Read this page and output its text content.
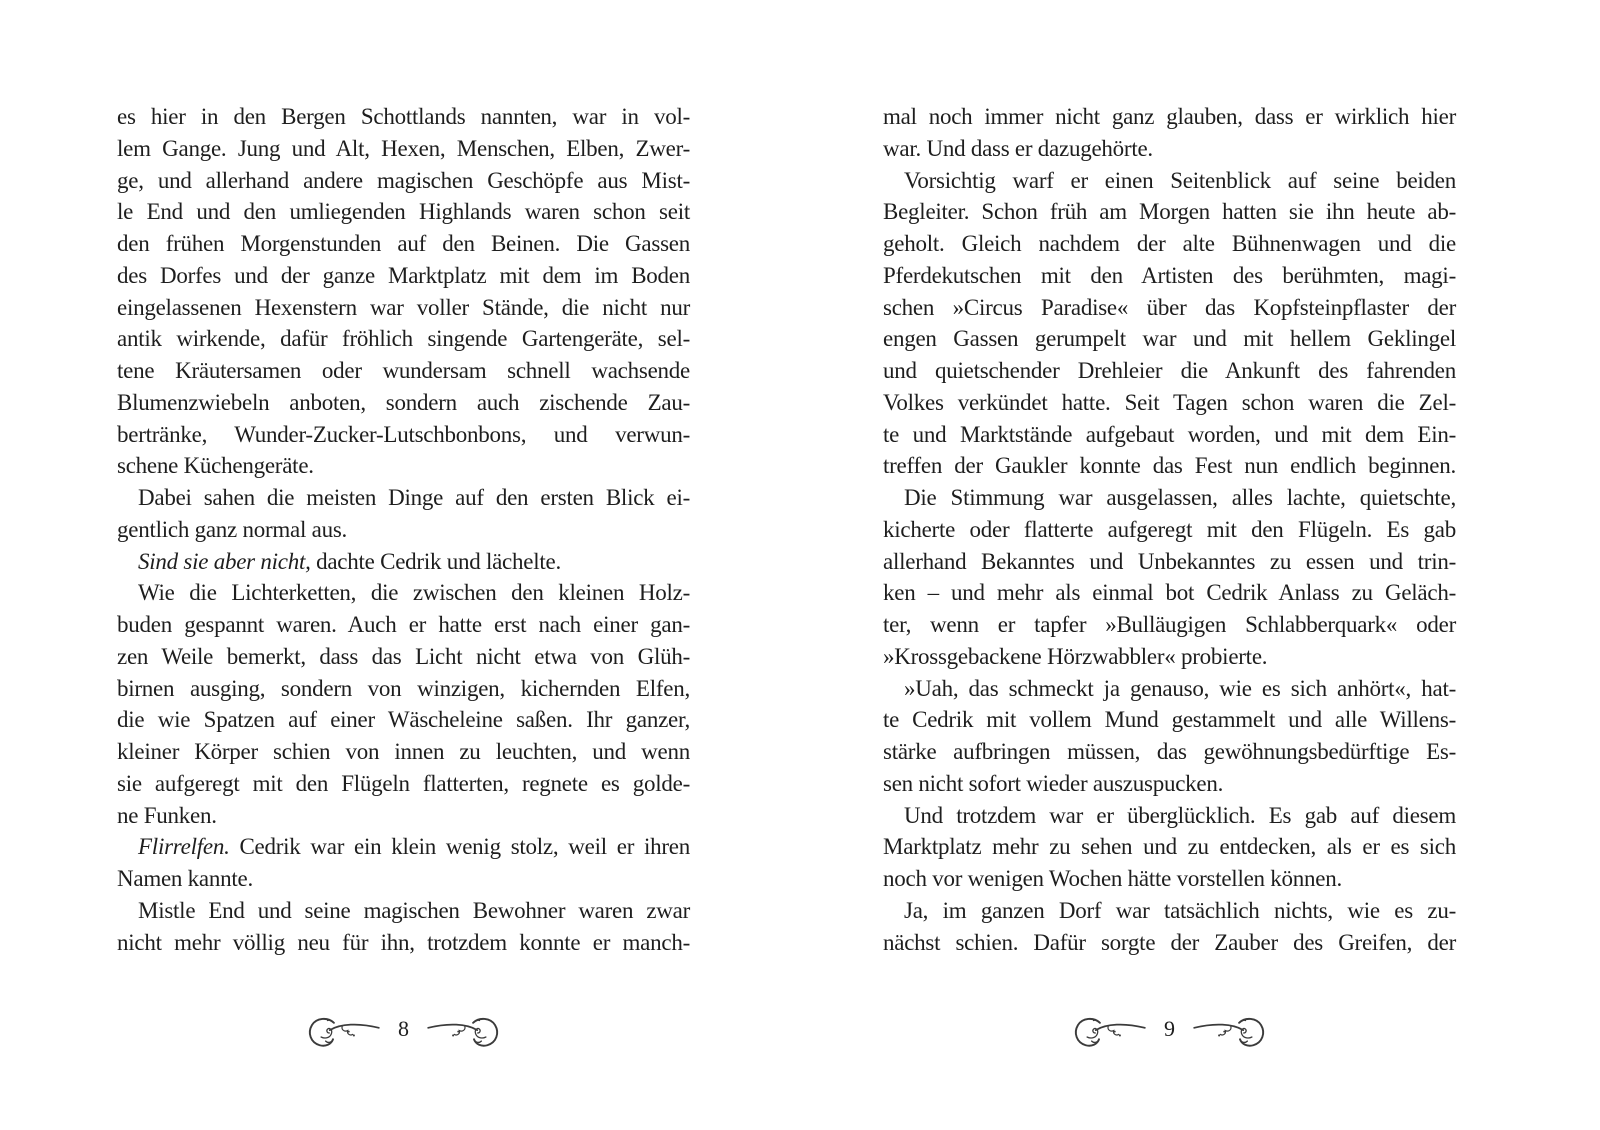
es hier in den Bergen Schottlands nannten, war in vol-
lem Gange. Jung und Alt, Hexen, Menschen, Elben, Zwer-
ge, und allerhand andere magischen Geschöpfe aus Mist-
le End und den umliegenden Highlands waren schon seit
den frühen Morgenstunden auf den Beinen. Die Gassen
des Dorfes und der ganze Marktplatz mit dem im Boden
eingelassenen Hexenstern war voller Stände, die nicht nur
antik wirkende, dafür fröhlich singende Gartengeräte, sel-
tene Kräutersamen oder wundersam schnell wachsende
Blumenzwiebeln anboten, sondern auch zischende Zau-
bertränke, Wunder-Zucker-Lutschbonbons, und verwun-
schene Küchengeräte.
Dabei sahen die meisten Dinge auf den ersten Blick ei-
gentlich ganz normal aus.
Sind sie aber nicht, dachte Cedrik und lächelte.
Wie die Lichterketten, die zwischen den kleinen Holz-
buden gespannt waren. Auch er hatte erst nach einer gan-
zen Weile bemerkt, dass das Licht nicht etwa von Glüh-
birnen ausging, sondern von winzigen, kichernden Elfen,
die wie Spatzen auf einer Wäscheleine saßen. Ihr ganzer,
kleiner Körper schien von innen zu leuchten, und wenn
sie aufgeregt mit den Flügeln flatterten, regnete es golde-
ne Funken.
Flirrelfen. Cedrik war ein klein wenig stolz, weil er ihren
Namen kannte.
Mistle End und seine magischen Bewohner waren zwar
nicht mehr völlig neu für ihn, trotzdem konnte er manch-
8
mal noch immer nicht ganz glauben, dass er wirklich hier
war. Und dass er dazugehörte.
Vorsichtig warf er einen Seitenblick auf seine beiden
Begleiter. Schon früh am Morgen hatten sie ihn heute ab-
geholt. Gleich nachdem der alte Bühnenwagen und die
Pferdekutschen mit den Artisten des berühmten, magi-
schen »Circus Paradise« über das Kopfsteinpflaster der
engen Gassen gerumpelt war und mit hellem Geklingel
und quietschender Drehleier die Ankunft des fahrenden
Volkes verkündet hatte. Seit Tagen schon waren die Zel-
te und Marktstände aufgebaut worden, und mit dem Ein-
treffen der Gaukler konnte das Fest nun endlich beginnen.
Die Stimmung war ausgelassen, alles lachte, quietschte,
kicherte oder flatterte aufgeregt mit den Flügeln. Es gab
allerhand Bekanntes und Unbekanntes zu essen und trin-
ken – und mehr als einmal bot Cedrik Anlass zu Geläch-
ter, wenn er tapfer »Bulläugigen Schlabberquark« oder
»Krossgebackene Hörzwabbler« probierte.
»Uah, das schmeckt ja genauso, wie es sich anhört«, hat-
te Cedrik mit vollem Mund gestammelt und alle Willens-
stärke aufbringen müssen, das gewöhnungsbedürftige Es-
sen nicht sofort wieder auszuspucken.
Und trotzdem war er überglücklich. Es gab auf diesem
Marktplatz mehr zu sehen und zu entdecken, als er es sich
noch vor wenigen Wochen hätte vorstellen können.
Ja, im ganzen Dorf war tatsächlich nichts, wie es zu-
nächst schien. Dafür sorgte der Zauber des Greifen, der
9
